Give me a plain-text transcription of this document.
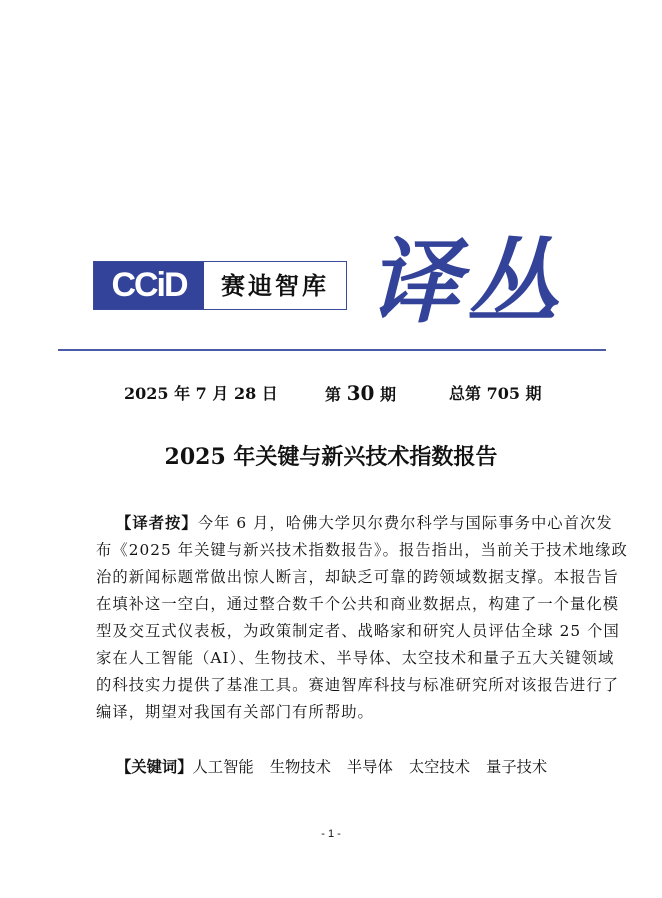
CCiD	赛迪智库 译丛
2025 年 7 月 28 日	第 30 期	总第 705 期
2025 年关键与新兴技术指数报告
【译者按】今年 6 月，哈佛大学贝尔费尔科学与国际事务中心首次发
布《2025 年关键与新兴技术指数报告》。报告指出，当前关于技术地缘政
治的新闻标题常做出惊人断言，却缺乏可靠的跨领域数据支撑。本报告旨
在填补这一空白，通过整合数千个公共和商业数据点，构建了一个量化模
型及交互式仪表板，为政策制定者、战略家和研究人员评估全球 25 个国
家在人工智能（AI）、生物技术、半导体、太空技术和量子五大关键领域
的科技实力提供了基准工具。赛迪智库科技与标准研究所对该报告进行了
编译，期望对我国有关部门有所帮助。
【关键词】人工智能 生物技术 半导体 太空技术 量子技术
- 1 -
